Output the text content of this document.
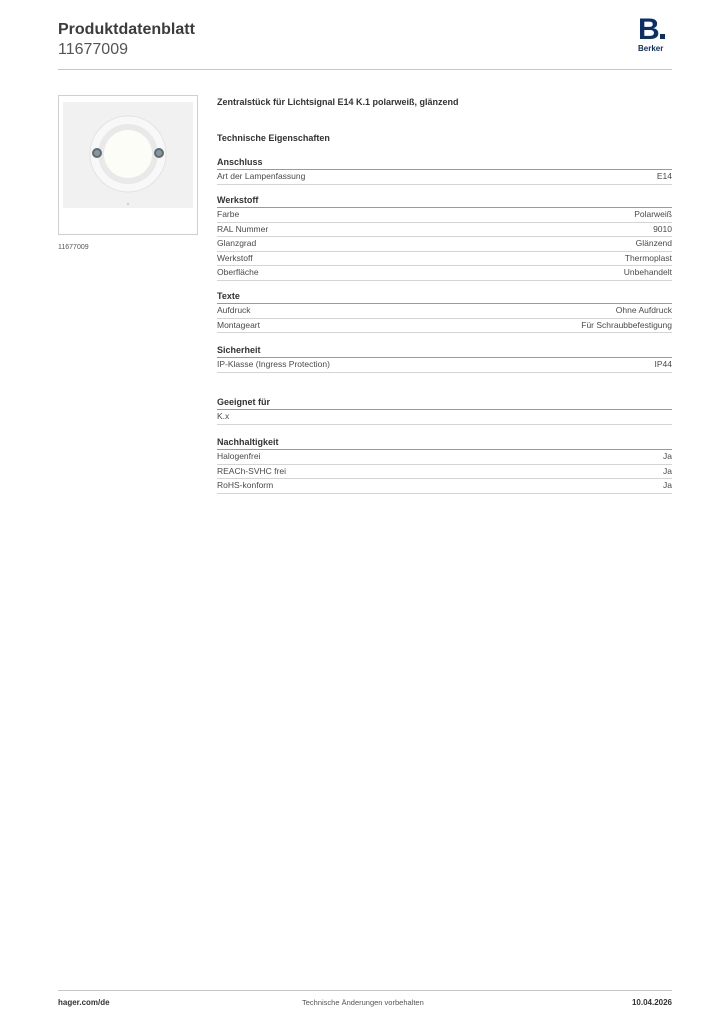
Produktdatenblatt
11677009
B
Berker
11677009
Zentralstück für Lichtsignal E14 K.1 polarweiß, glänzend
Technische Eigenschaften
Anschluss
Art der Lampenfassung	E14
Werkstoff
Farbe	Polarweiß
RAL Nummer	9010
Glanzgrad	Glänzend
Werkstoff	Thermoplast
Oberfläche	Unbehandelt
Texte
Aufdruck	Ohne Aufdruck
Montageart	Für Schraubbefestigung
Sicherheit
IP-Klasse (Ingress Protection)	IP44
Geeignet für
K.x
Nachhaltigkeit
Halogenfrei	Ja
REACh-SVHC frei	Ja
RoHS-konform	Ja
hager.com/de	Technische Änderungen vorbehalten	10.04.2026
